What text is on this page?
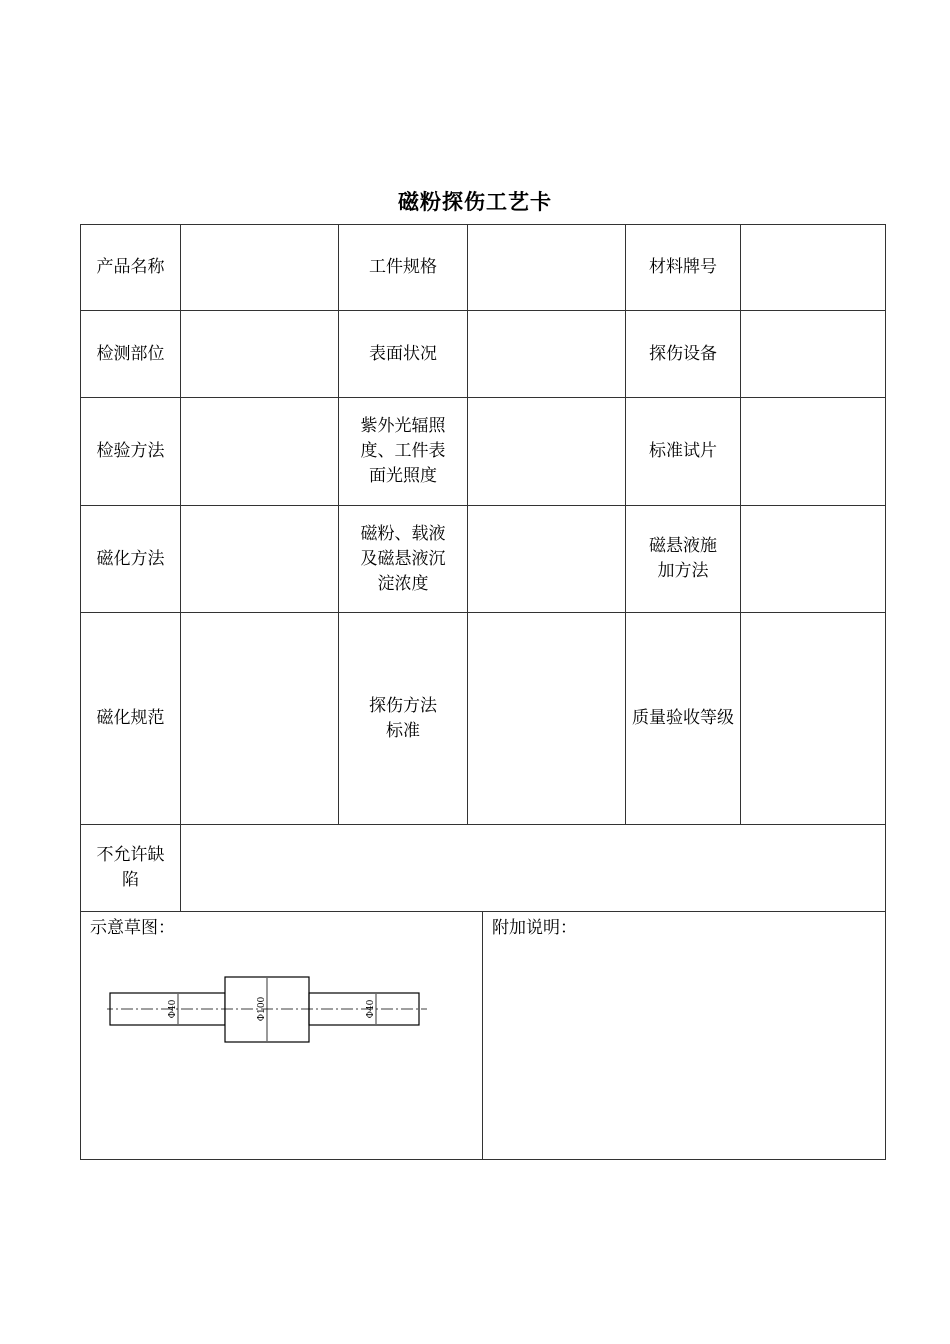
磁粉探伤工艺卡
产品名称		工件规格		材料牌号	
检测部位		表面状况		探伤设备	
检验方法		紫外光辐照度、工件表面光照度		标准试片	
磁化方法		磁粉、载液及磁悬液沉淀浓度		磁悬液施加方法	
磁化规范		探伤方法标准		质量验收等级	
不允许缺陷					

示意草图： 附加说明：
Φ40 Φ100 Φ40					
